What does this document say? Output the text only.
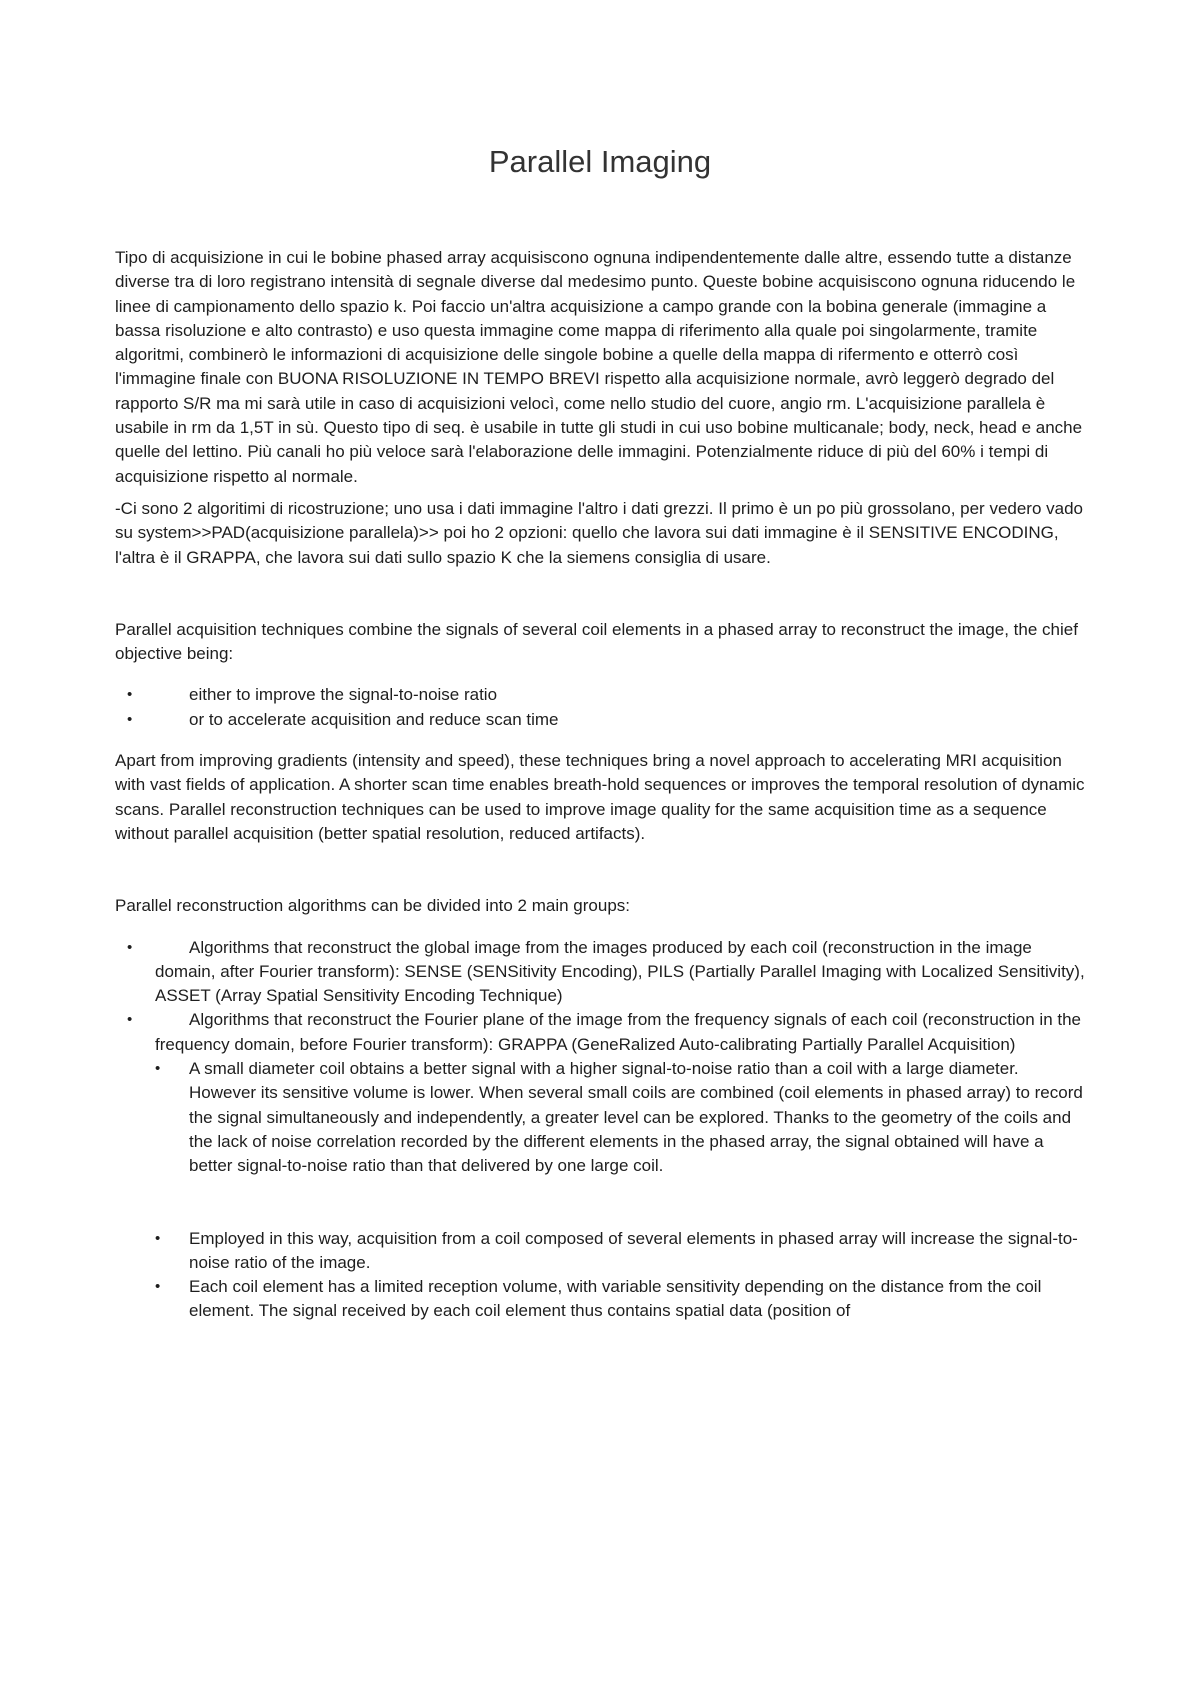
Parallel Imaging

Tipo di acquisizione in cui le bobine phased array acquisiscono ognuna indipendentemente dalle altre, essendo tutte a distanze diverse tra di loro registrano intensità di segnale diverse dal medesimo punto. Queste bobine acquisiscono ognuna riducendo le linee di campionamento dello spazio k. Poi faccio un'altra acquisizione a campo grande con la bobina generale (immagine a bassa risoluzione e alto contrasto) e uso questa immagine come mappa di riferimento alla quale poi singolarmente, tramite algoritmi, combinerò le informazioni di acquisizione delle singole bobine a quelle della mappa di rifermento e otterrò così l'immagine finale con BUONA RISOLUZIONE IN TEMPO BREVI rispetto alla acquisizione normale, avrò leggerò degrado del rapporto S/R ma mi sarà utile in caso di acquisizioni velocì, come nello studio del cuore, angio rm. L'acquisizione parallela è usabile in rm da 1,5T in sù. Questo tipo di seq. è usabile in tutte gli studi in cui uso bobine multicanale; body, neck, head e anche quelle del lettino. Più canali ho più veloce sarà l'elaborazione delle immagini. Potenzialmente riduce di più del 60% i tempi di acquisizione rispetto al normale.

-Ci sono 2 algoritimi di ricostruzione; uno usa i dati immagine l'altro i dati grezzi. Il primo è un po più grossolano, per vedero vado su system>>PAD(acquisizione parallela)>> poi ho 2 opzioni: quello che lavora sui dati immagine è il SENSITIVE ENCODING, l'altra è il GRAPPA, che lavora sui dati sullo spazio K che la siemens consiglia di usare.

Parallel acquisition techniques combine the signals of several coil elements in a phased array to reconstruct the image, the chief objective being:

•	either to improve the signal-to-noise ratio
•	or to accelerate acquisition and reduce scan time

Apart from improving gradients (intensity and speed), these techniques bring a novel approach to accelerating MRI acquisition with vast fields of application. A shorter scan time enables breath-hold sequences or improves the temporal resolution of dynamic scans. Parallel reconstruction techniques can be used to improve image quality for the same acquisition time as a sequence without parallel acquisition (better spatial resolution, reduced artifacts).

Parallel reconstruction algorithms can be divided into 2 main groups:

•	Algorithms that reconstruct the global image from the images produced by each coil (reconstruction in the image domain, after Fourier transform): SENSE (SENSitivity Encoding), PILS (Partially Parallel Imaging with Localized Sensitivity), ASSET (Array Spatial Sensitivity Encoding Technique)
•	Algorithms that reconstruct the Fourier plane of the image from the frequency signals of each coil (reconstruction in the frequency domain, before Fourier transform): GRAPPA (GeneRalized Auto-calibrating Partially Parallel Acquisition)
• A small diameter coil obtains a better signal with a higher signal-to-noise ratio than a coil with a large diameter. However its sensitive volume is lower. When several small coils are combined (coil elements in phased array) to record the signal simultaneously and independently, a greater level can be explored. Thanks to the geometry of the coils and the lack of noise correlation recorded by the different elements in the phased array, the signal obtained will have a better signal-to-noise ratio than that delivered by one large coil.
• Employed in this way, acquisition from a coil composed of several elements in phased array will increase the signal-to-noise ratio of the image.
• Each coil element has a limited reception volume, with variable sensitivity depending on the distance from the coil element. The signal received by each coil element thus contains spatial data (position of
